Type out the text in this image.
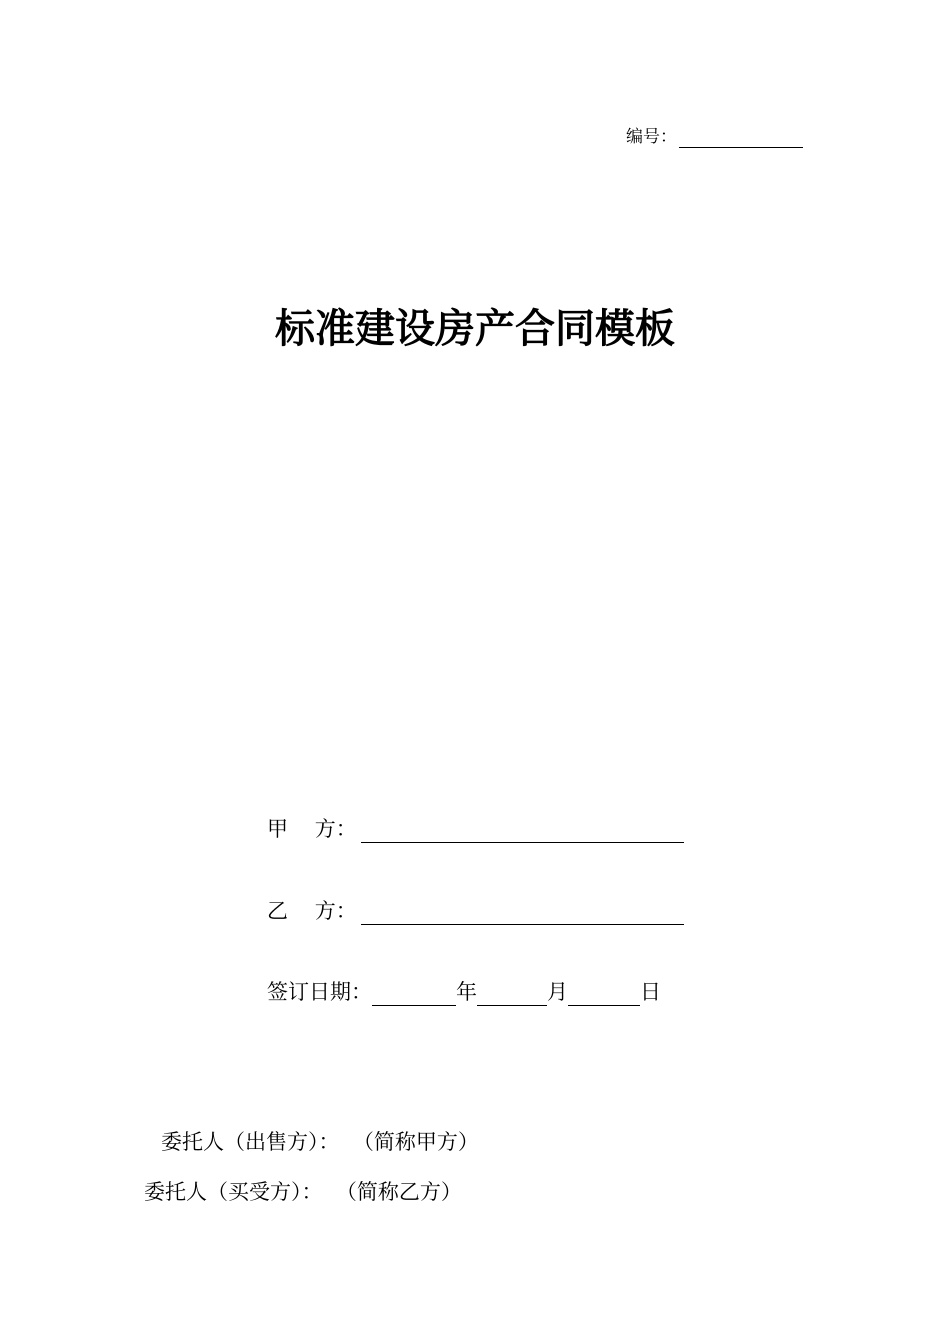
编号：
标准建设房产合同模板
甲    方：
乙    方：
签订日期：	年	月	日
委托人（出售方）：  （简称甲方）
委托人（买受方）：  （简称乙方）
